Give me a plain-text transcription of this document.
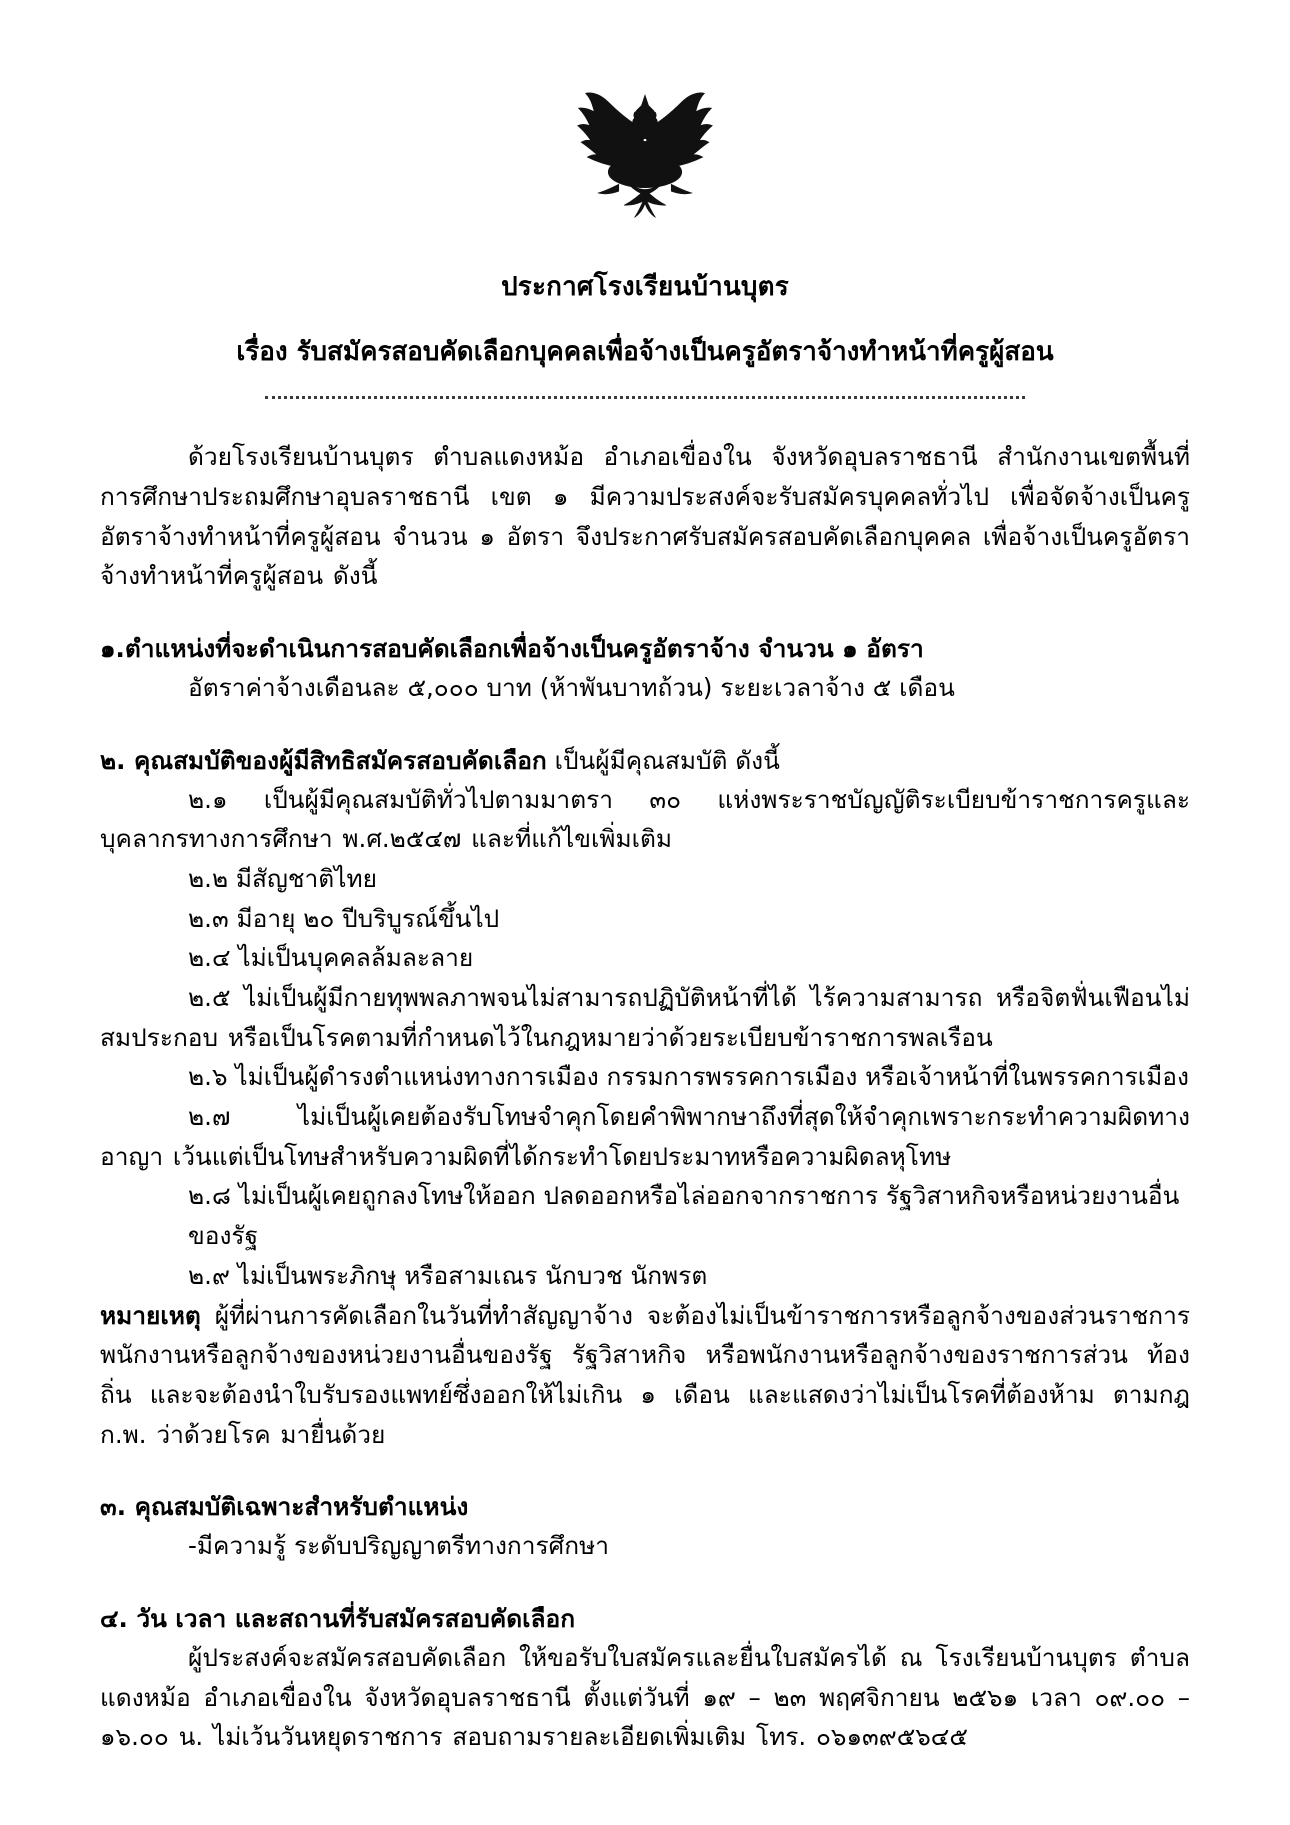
ประกาศโรงเรียนบ้านบุตร
เรื่อง รับสมัครสอบคัดเลือกบุคคลเพื่อจ้างเป็นครูอัตราจ้างทำหน้าที่ครูผู้สอน

ด้วยโรงเรียนบ้านบุตร ตำบลแดงหม้อ อำเภอเขื่องใน จังหวัดอุบลราชธานี สำนักงานเขตพื้นที่การศึกษาประถมศึกษาอุบลราชธานี เขต ๑ มีความประสงค์จะรับสมัครบุคคลทั่วไป เพื่อจัดจ้างเป็นครูอัตราจ้างทำหน้าที่ครูผู้สอน จำนวน ๑ อัตรา จึงประกาศรับสมัครสอบคัดเลือกบุคคล เพื่อจ้างเป็นครูอัตราจ้างทำหน้าที่ครูผู้สอน ดังนี้

๑.ตำแหน่งที่จะดำเนินการสอบคัดเลือกเพื่อจ้างเป็นครูอัตราจ้าง จำนวน ๑ อัตรา

อัตราค่าจ้างเดือนละ ๕,๐๐๐ บาท (ห้าพันบาทถ้วน) ระยะเวลาจ้าง ๕ เดือน

๒. คุณสมบัติของผู้มีสิทธิสมัครสอบคัดเลือก เป็นผู้มีคุณสมบัติ ดังนี้

๒.๑ เป็นผู้มีคุณสมบัติทั่วไปตามมาตรา ๓๐ แห่งพระราชบัญญัติระเบียบข้าราชการครูและบุคลากรทางการศึกษา พ.ศ.๒๕๔๗ และที่แก้ไขเพิ่มเติม

๒.๒ มีสัญชาติไทย

๒.๓ มีอายุ ๒๐ ปีบริบูรณ์ขึ้นไป

๒.๔ ไม่เป็นบุคคลล้มละลาย

๒.๕ ไม่เป็นผู้มีกายทุพพลภาพจนไม่สามารถปฏิบัติหน้าที่ได้ ไร้ความสามารถ หรือจิตฟั่นเฟือนไม่สมประกอบ หรือเป็นโรคตามที่กำหนดไว้ในกฎหมายว่าด้วยระเบียบข้าราชการพลเรือน

๒.๖ ไม่เป็นผู้ดำรงตำแหน่งทางการเมือง กรรมการพรรคการเมือง หรือเจ้าหน้าที่ในพรรคการเมือง

๒.๗ ไม่เป็นผู้เคยต้องรับโทษจำคุกโดยคำพิพากษาถึงที่สุดให้จำคุกเพราะกระทำความผิดทางอาญา เว้นแต่เป็นโทษสำหรับความผิดที่ได้กระทำโดยประมาทหรือความผิดลหุโทษ

๒.๘ ไม่เป็นผู้เคยถูกลงโทษให้ออก ปลดออกหรือไล่ออกจากราชการ รัฐวิสาหกิจหรือหน่วยงานอื่นของรัฐ

๒.๙ ไม่เป็นพระภิกษุ หรือสามเณร นักบวช นักพรต

หมายเหตุ ผู้ที่ผ่านการคัดเลือกในวันที่ทำสัญญาจ้าง จะต้องไม่เป็นข้าราชการหรือลูกจ้างของส่วนราชการ พนักงานหรือลูกจ้างของหน่วยงานอื่นของรัฐ รัฐวิสาหกิจ หรือพนักงานหรือลูกจ้างของราชการส่วน ท้องถิ่น และจะต้องนำใบรับรองแพทย์ซึ่งออกให้ไม่เกิน ๑ เดือน และแสดงว่าไม่เป็นโรคที่ต้องห้าม ตามกฎ ก.พ. ว่าด้วยโรค มายื่นด้วย

๓. คุณสมบัติเฉพาะสำหรับตำแหน่ง

-มีความรู้ ระดับปริญญาตรีทางการศึกษา

๔. วัน เวลา และสถานที่รับสมัครสอบคัดเลือก

ผู้ประสงค์จะสมัครสอบคัดเลือก ให้ขอรับใบสมัครและยื่นใบสมัครได้ ณ โรงเรียนบ้านบุตร ตำบลแดงหม้อ อำเภอเขื่องใน จังหวัดอุบลราชธานี ตั้งแต่วันที่ ๑๙ – ๒๓ พฤศจิกายน ๒๕๖๑ เวลา ๐๙.๐๐ – ๑๖.๐๐ น. ไม่เว้นวันหยุดราชการ สอบถามรายละเอียดเพิ่มเติม โทร. ๐๖๑๓๙๕๖๔๕
